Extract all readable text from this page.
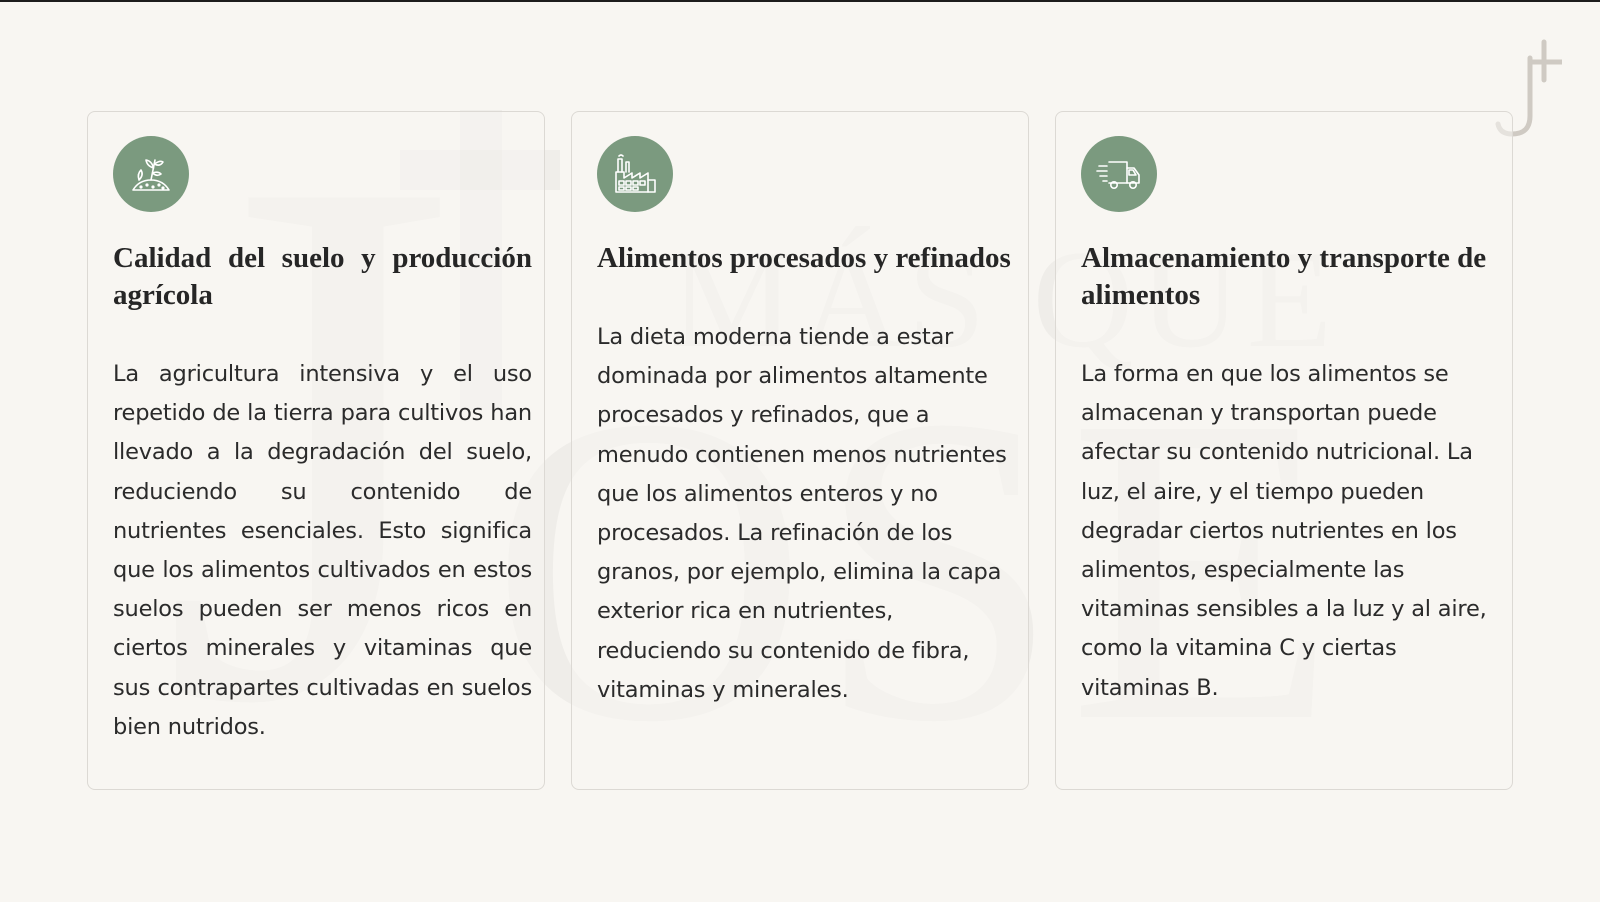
Calidad del suelo y producción agrícola

La agricultura intensiva y el uso repetido de la tierra para cultivos han llevado a la degradación del suelo, reduciendo su contenido de nutrientes esenciales. Esto significa que los alimentos cultivados en estos suelos pueden ser menos ricos en ciertos minerales y vitaminas que sus contrapartes cultivadas en suelos bien nutridos.

Alimentos procesados y refinados

La dieta moderna tiende a estar dominada por alimentos altamente procesados y refinados, que a menudo contienen menos nutrientes que los alimentos enteros y no procesados. La refinación de los granos, por ejemplo, elimina la capa exterior rica en nutrientes, reduciendo su contenido de fibra, vitaminas y minerales.

Almacenamiento y transporte de alimentos

La forma en que los alimentos se almacenan y transportan puede afectar su contenido nutricional. La luz, el aire, y el tiempo pueden degradar ciertos nutrientes en los alimentos, especialmente las vitaminas sensibles a la luz y al aire, como la vitamina C y ciertas vitaminas B.
